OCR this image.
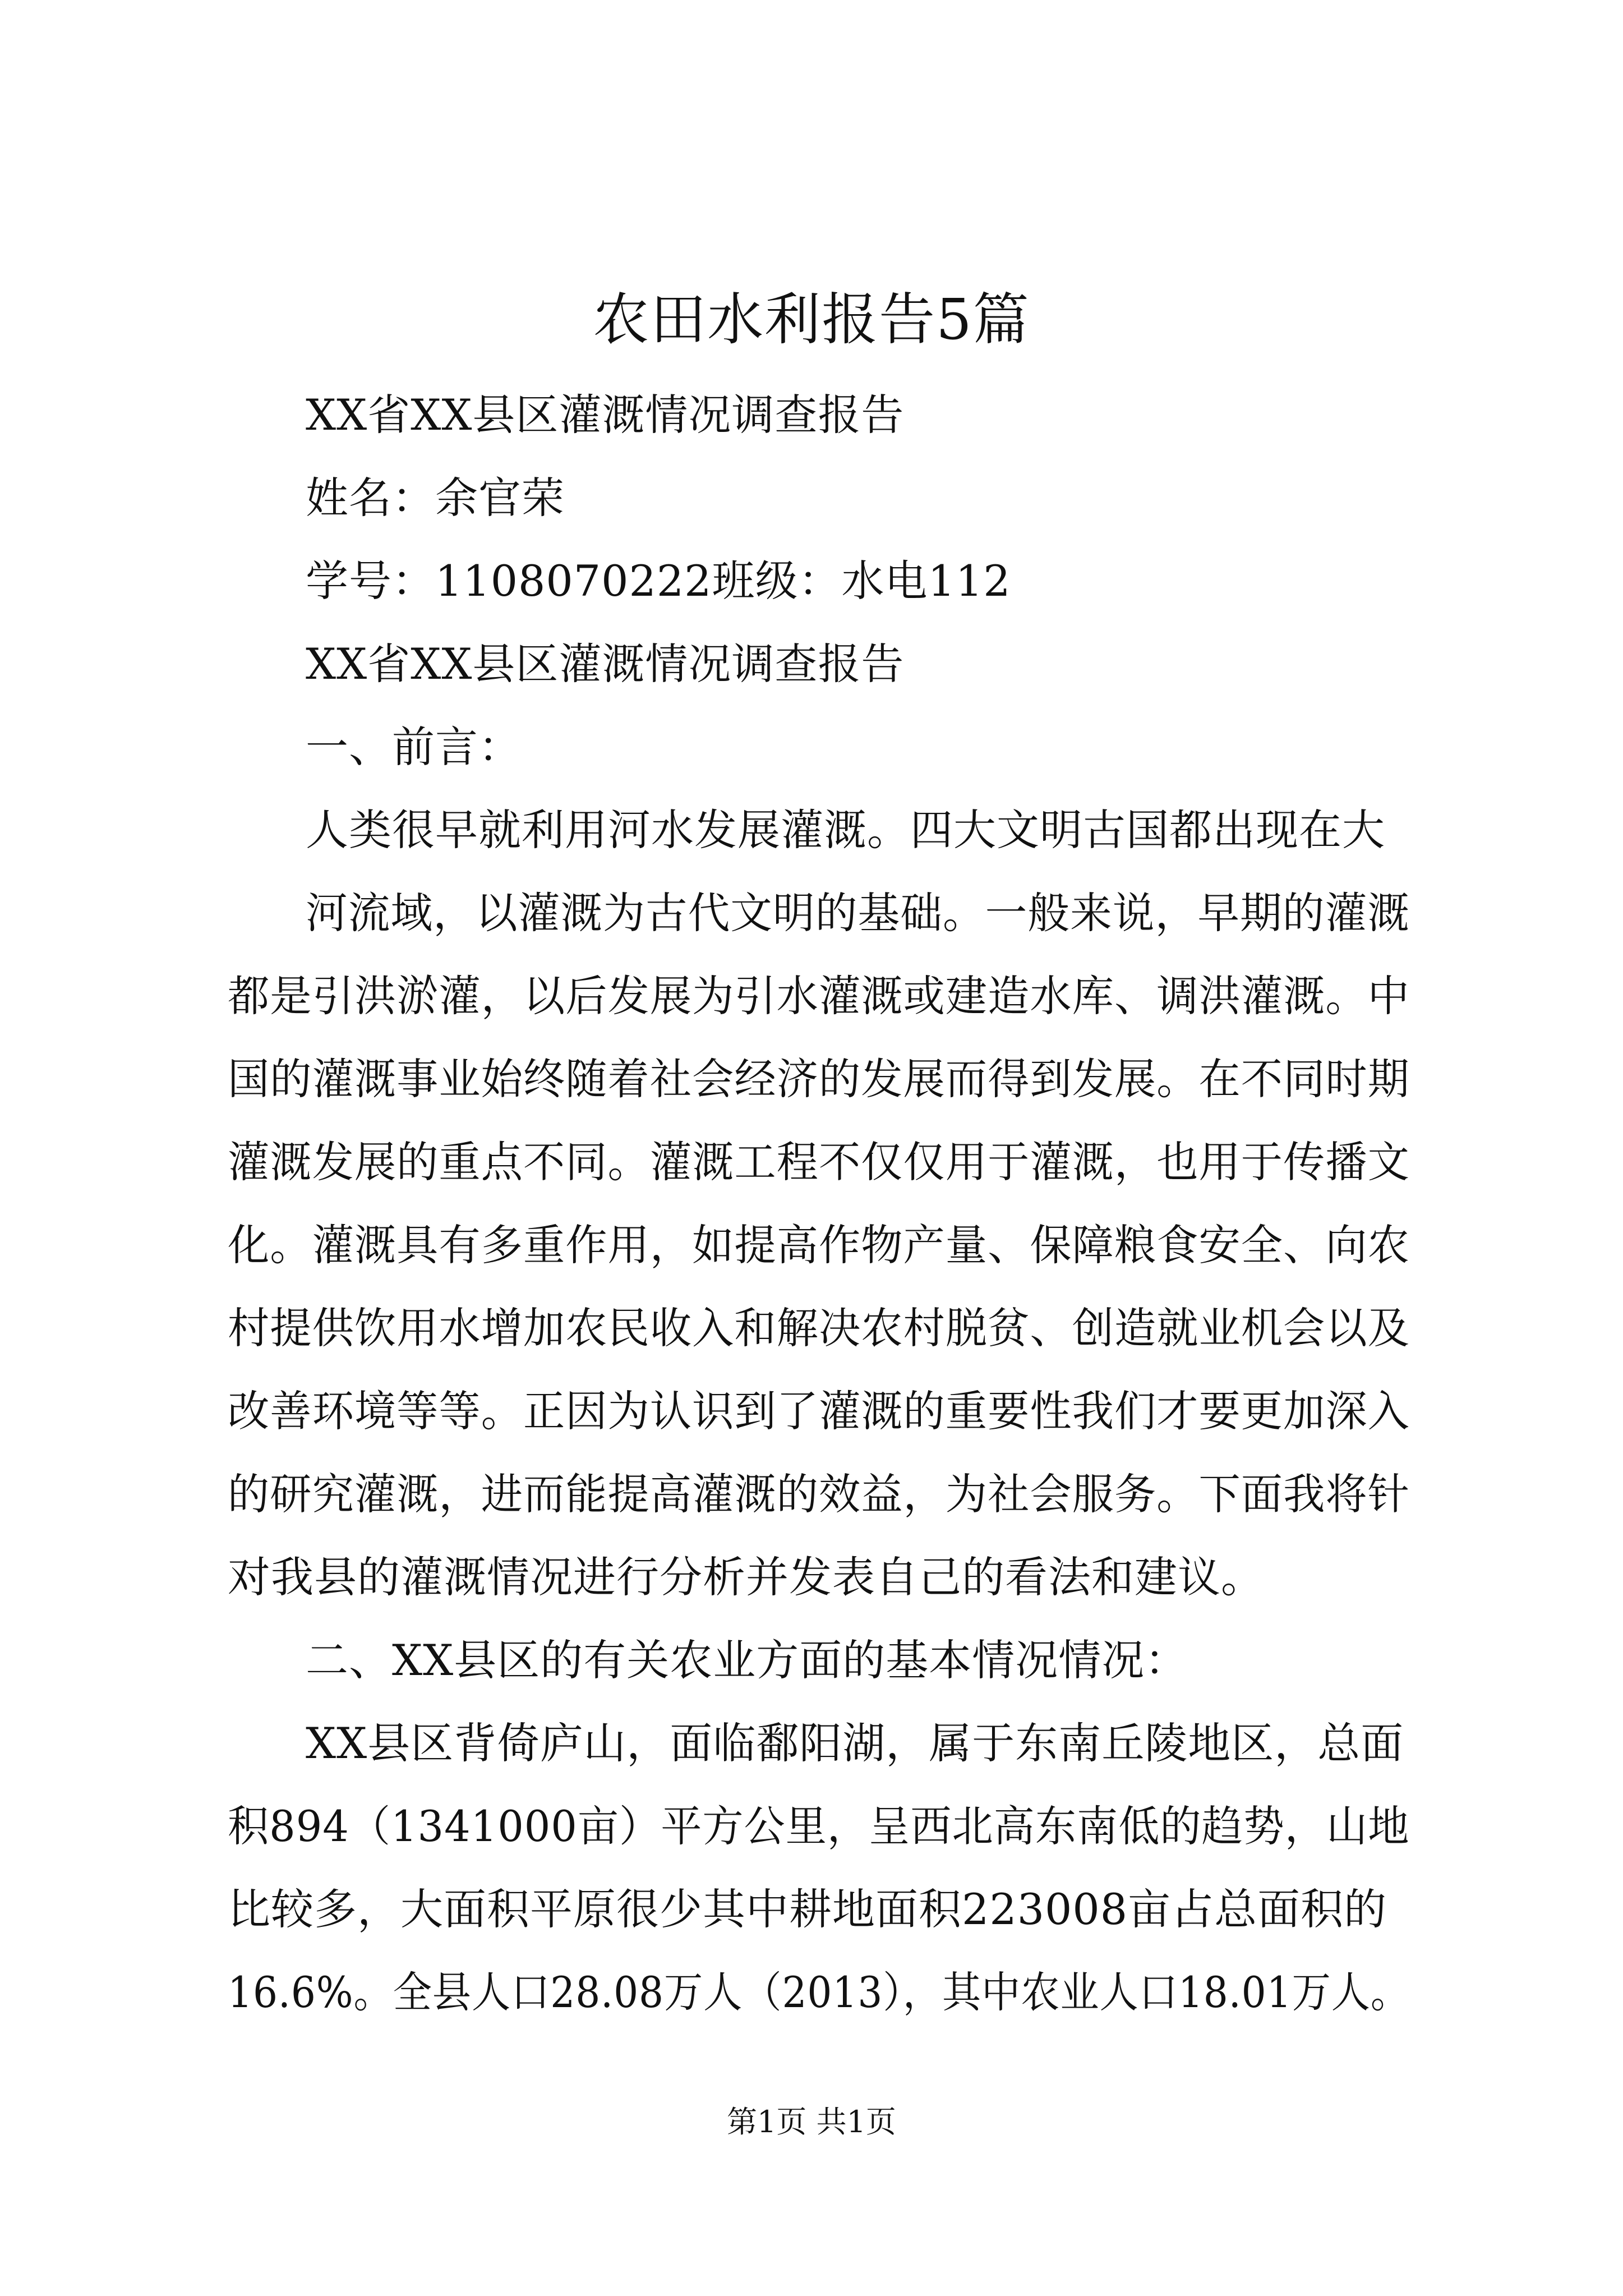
农田水利报告5篇
XX省XX县区灌溉情况调查报告
姓名：余官荣
学号：1108070222班级：水电112
XX省XX县区灌溉情况调查报告
一、前言：
人类很早就利用河水发展灌溉。四大文明古国都出现在大
河流域，以灌溉为古代文明的基础。一般来说，早期的灌溉
都是引洪淤灌，以后发展为引水灌溉或建造水库、调洪灌溉。中
国的灌溉事业始终随着社会经济的发展而得到发展。在不同时期
灌溉发展的重点不同。灌溉工程不仅仅用于灌溉，也用于传播文
化。灌溉具有多重作用，如提高作物产量、保障粮食安全、向农
村提供饮用水增加农民收入和解决农村脱贫、创造就业机会以及
改善环境等等。正因为认识到了灌溉的重要性我们才要更加深入
的研究灌溉，进而能提高灌溉的效益，为社会服务。下面我将针
对我县的灌溉情况进行分析并发表自己的看法和建议。
二、XX县区的有关农业方面的基本情况情况：
XX县区背倚庐山，面临鄱阳湖，属于东南丘陵地区，总面
积894（1341000亩）平方公里，呈西北高东南低的趋势，山地
比较多，大面积平原很少其中耕地面积223008亩占总面积的
16.6%。全县人口28.08万人（2013），其中农业人口18.01万人。
第1页 共1页
